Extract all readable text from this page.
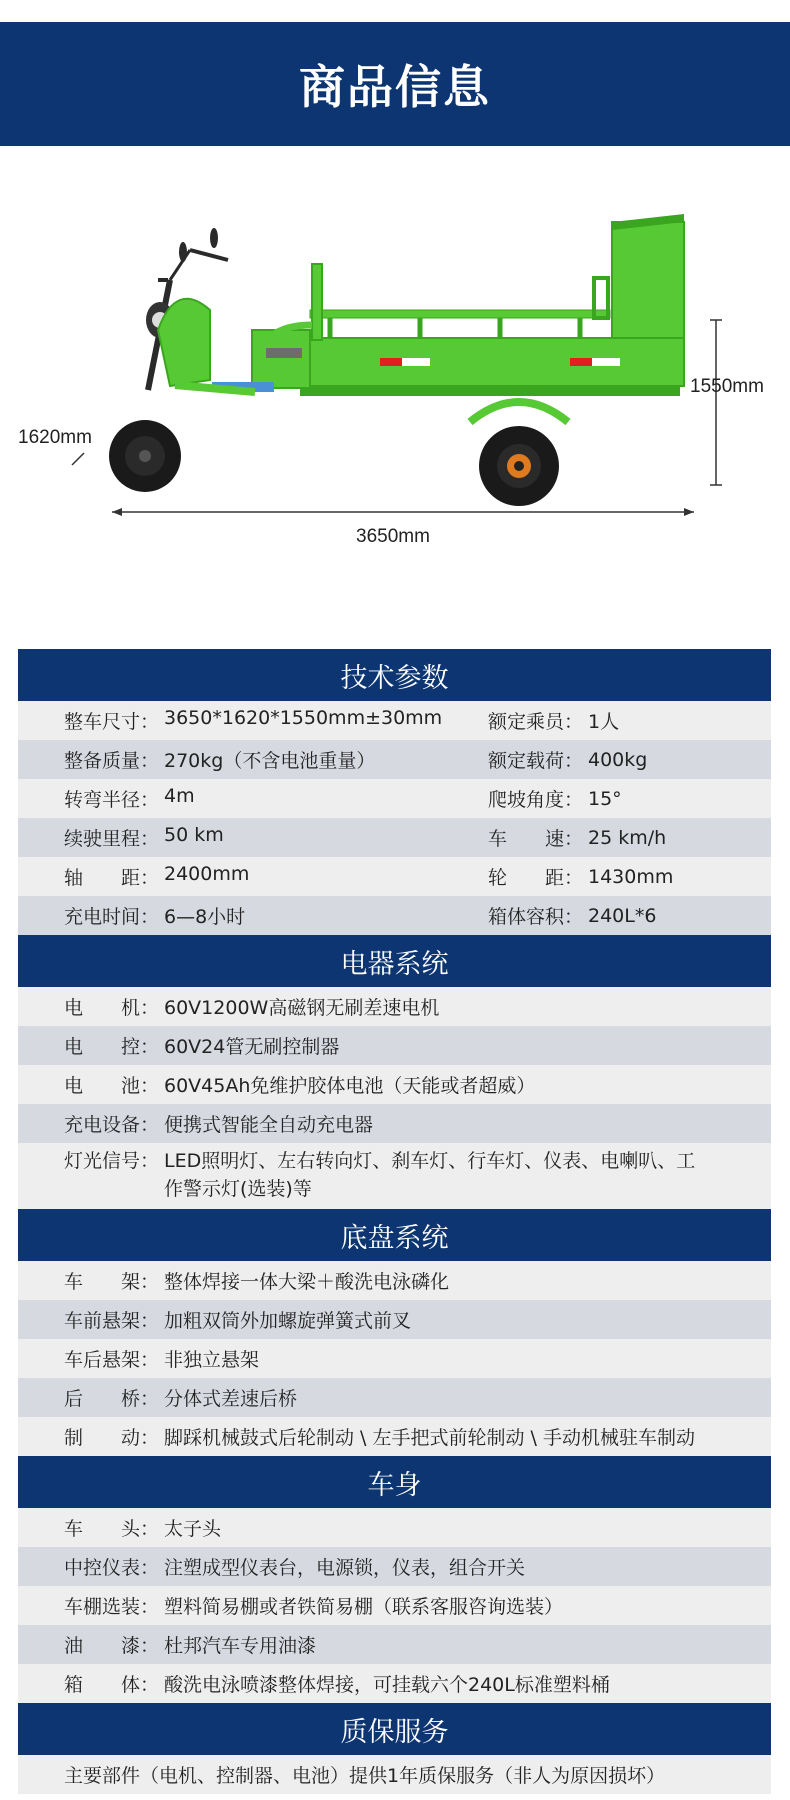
商品信息
1620mm
1550mm
3650mm
技术参数
整车尺寸： 3650*1620*1550mm±30mm	额定乘员： 1人
整备质量： 270kg（不含电池重量）	额定载荷： 400kg
转弯半径： 4m	爬坡角度： 15°
续驶里程： 50 km	车　　速： 25 km/h
轴　　距： 2400mm	轮　　距： 1430mm
充电时间： 6—8小时	箱体容积： 240L*6
电器系统
电　　机： 60V1200W高磁钢无刷差速电机
电　　控： 60V24管无刷控制器
电　　池： 60V45Ah免维护胶体电池（天能或者超威）
充电设备： 便携式智能全自动充电器
灯光信号： LED照明灯、左右转向灯、刹车灯、行车灯、仪表、电喇叭、工作警示灯(选装)等
底盘系统
车　　架： 整体焊接一体大梁＋酸洗电泳磷化
车前悬架： 加粗双筒外加螺旋弹簧式前叉
车后悬架： 非独立悬架
后　　桥： 分体式差速后桥
制　　动： 脚踩机械鼓式后轮制动 \ 左手把式前轮制动 \ 手动机械驻车制动
车身
车　　头： 太子头
中控仪表： 注塑成型仪表台，电源锁，仪表，组合开关
车棚选装： 塑料简易棚或者铁简易棚（联系客服咨询选装）
油　　漆： 杜邦汽车专用油漆
箱　　体： 酸洗电泳喷漆整体焊接，可挂载六个240L标准塑料桶
质保服务
主要部件（电机、控制器、电池）提供1年质保服务（非人为原因损坏）
